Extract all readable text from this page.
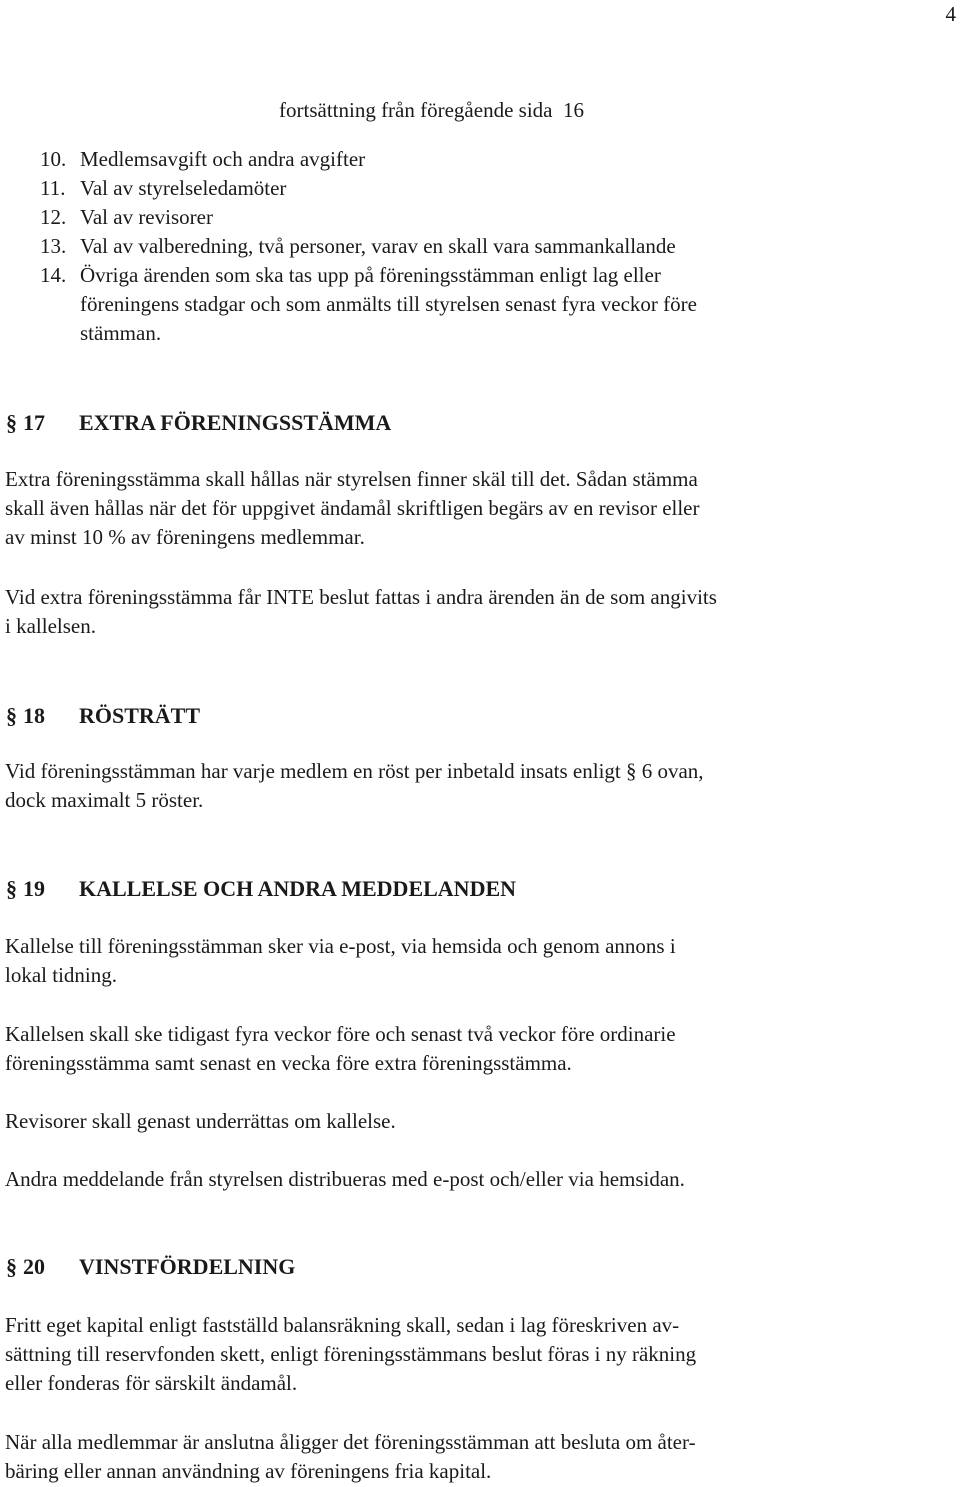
4
fortsättning från föregående sida  16
10. Medlemsavgift och andra avgifter
11. Val av styrelseledamöter
12. Val av revisorer
13. Val av valberedning, två personer, varav en skall vara sammankallande
14. Övriga ärenden som ska tas upp på föreningsstämman enligt lag eller
föreningens stadgar och som anmälts till styrelsen senast fyra veckor före
stämman.
§ 17 EXTRA FÖRENINGSSTÄMMA

Extra föreningsstämma skall hållas när styrelsen finner skäl till det. Sådan stämma

skall även hållas när det för uppgivet ändamål skriftligen begärs av en revisor eller

av minst 10 % av föreningens medlemmar.

Vid extra föreningsstämma får INTE beslut fattas i andra ärenden än de som angivits

i kallelsen.

§ 18 RÖSTRÄTT

Vid föreningsstämman har varje medlem en röst per inbetald insats enligt § 6 ovan,

dock maximalt 5 röster.

§ 19 KALLELSE OCH ANDRA MEDDELANDEN

Kallelse till föreningsstämman sker via e-post, via hemsida och genom annons i

lokal tidning.

Kallelsen skall ske tidigast fyra veckor före och senast två veckor före ordinarie

föreningsstämma samt senast en vecka före extra föreningsstämma.

Revisorer skall genast underrättas om kallelse.

Andra meddelande från styrelsen distribueras med e-post och/eller via hemsidan.

§ 20 VINSTFÖRDELNING

Fritt eget kapital enligt fastställd balansräkning skall, sedan i lag föreskriven av-

sättning till reservfonden skett, enligt föreningsstämmans beslut föras i ny räkning

eller fonderas för särskilt ändamål.

När alla medlemmar är anslutna åligger det föreningsstämman att besluta om åter-

bäring eller annan användning av föreningens fria kapital.
